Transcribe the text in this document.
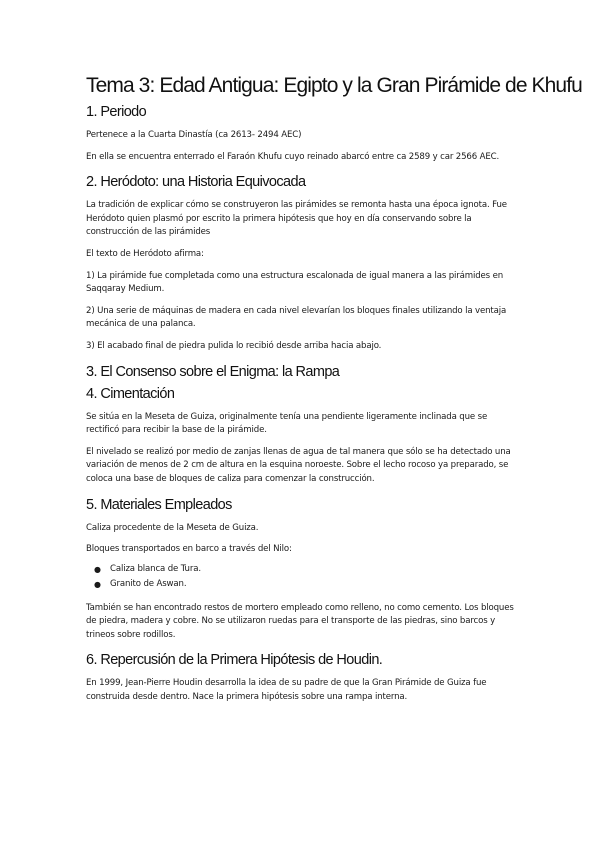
Tema 3: Edad Antigua: Egipto y la Gran Pirámide de Khufu
1. Periodo

Pertenece a la Cuarta Dinastía (ca 2613- 2494 AEC)

En ella se encuentra enterrado el Faraón Khufu cuyo reinado abarcó entre ca 2589 y car 2566 AEC.

2. Heródoto: una Historia Equivocada

La tradición de explicar cómo se construyeron las pirámides se remonta hasta una época ignota. Fue Heródoto quien plasmó por escrito la primera hipótesis que hoy en día conservando sobre la construcción de las pirámides

El texto de Heródoto afirma:

1) La pirámide fue completada como una estructura escalonada de igual manera a las pirámides en Saqqaray Medium.

2) Una serie de máquinas de madera en cada nivel elevarían los bloques finales utilizando la ventaja mecánica de una palanca.

3) El acabado final de piedra pulida lo recibió desde arriba hacia abajo.

3. El Consenso sobre el Enigma: la Rampa
4. Cimentación

Se sitúa en la Meseta de Guiza, originalmente tenía una pendiente ligeramente inclinada que se rectificó para recibir la base de la pirámide.

El nivelado se realizó por medio de zanjas llenas de agua de tal manera que sólo se ha detectado una variación de menos de 2 cm de altura en la esquina noroeste. Sobre el lecho rocoso ya preparado, se coloca una base de bloques de caliza para comenzar la construcción.

5. Materiales Empleados

Caliza procedente de la Meseta de Guiza.

Bloques transportados en barco a través del Nilo:

● Caliza blanca de Tura.
● Granito de Aswan.

También se han encontrado restos de mortero empleado como relleno, no como cemento. Los bloques de piedra, madera y cobre. No se utilizaron ruedas para el transporte de las piedras, sino barcos y trineos sobre rodillos.

6. Repercusión de la Primera Hipótesis de Houdin.

En 1999, Jean-Pierre Houdin desarrolla la idea de su padre de que la Gran Pirámide de Guiza fue construida desde dentro. Nace la primera hipótesis sobre una rampa interna.
